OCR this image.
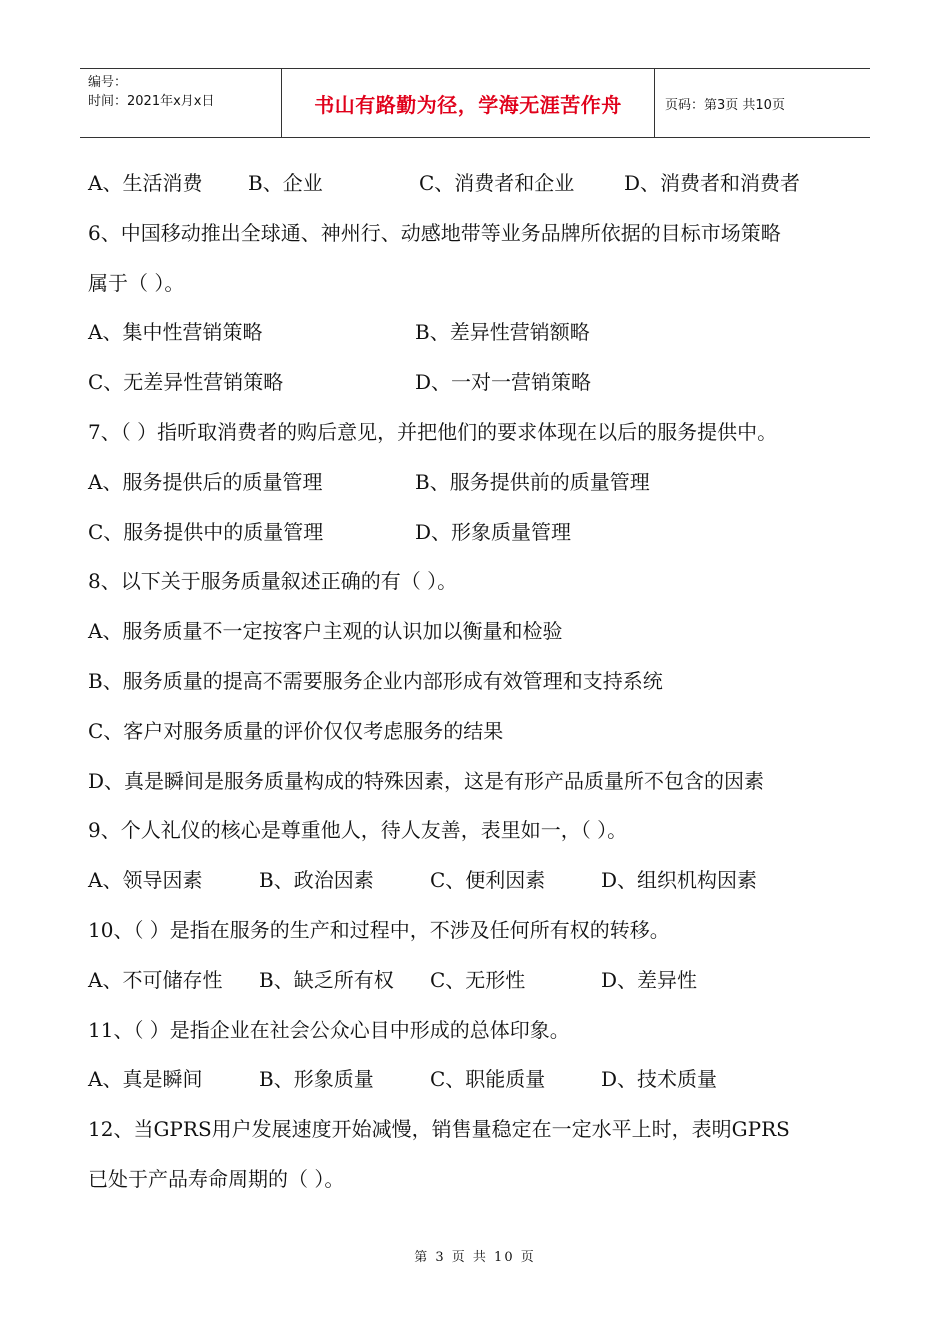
编号：
时间：2021年x月x日	书山有路勤为径，学海无涯苦作舟	页码：第3页 共10页
A、生活消费 B、企业	C、消费者和企业 D、消费者和消费者
6、中国移动推出全球通、神州行、动感地带等业务品牌所依据的目标市场策略
属于（ ）。
A、集中性营销策略	B、差异性营销额略
C、无差异性营销策略	D、一对一营销策略
7、（ ）指听取消费者的购后意见，并把他们的要求体现在以后的服务提供中。
A、服务提供后的质量管理	B、服务提供前的质量管理
C、服务提供中的质量管理	D、形象质量管理
8、以下关于服务质量叙述正确的有（ ）。
A、服务质量不一定按客户主观的认识加以衡量和检验
B、服务质量的提高不需要服务企业内部形成有效管理和支持系统
C、客户对服务质量的评价仅仅考虑服务的结果
D、真是瞬间是服务质量构成的特殊因素，这是有形产品质量所不包含的因素
9、个人礼仪的核心是尊重他人，待人友善，表里如一，（ ）。
A、领导因素	B、政治因素	C、便利因素	D、组织机构因素
10、（ ）是指在服务的生产和过程中，不涉及任何所有权的转移。
A、不可储存性 B、缺乏所有权 C、无形性	D、差异性
11、（ ）是指企业在社会公众心目中形成的总体印象。
A、真是瞬间	B、形象质量	C、职能质量	D、技术质量
12、当GPRS用户发展速度开始减慢，销售量稳定在一定水平上时，表明GPRS
已处于产品寿命周期的（ ）。
第 3 页 共 10 页
